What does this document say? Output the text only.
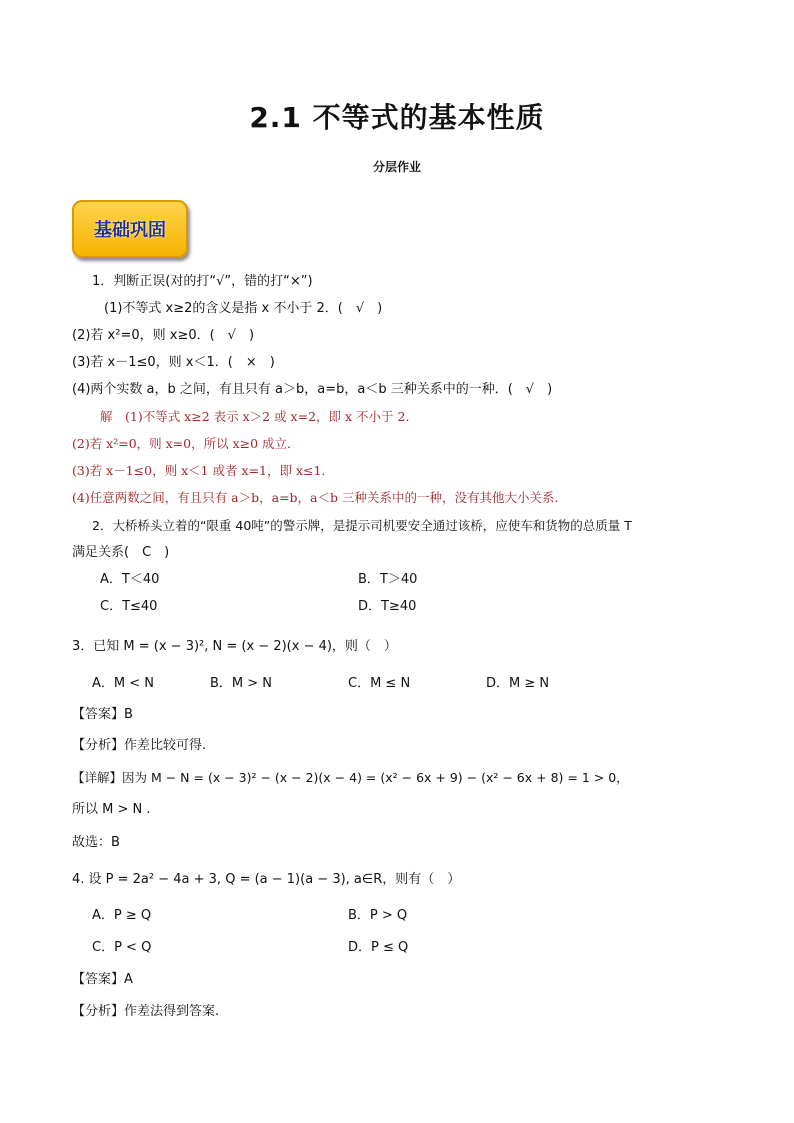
2.1 不等式的基本性质
分层作业
基础巩固
1．判断正误(对的打“√”，错的打“×”)
(1)不等式 x≥2的含义是指 x 不小于 2．(　√　)
(2)若 x²=0，则 x≥0．(　√　)
(3)若 x－1≤0，则 x＜1．(　×　)
(4)两个实数 a，b 之间，有且只有 a＞b，a=b，a＜b 三种关系中的一种．(　√　)
解　(1)不等式 x≥2 表示 x＞2 或 x=2，即 x 不小于 2．
(2)若 x²=0，则 x=0，所以 x≥0 成立．
(3)若 x－1≤0，则 x＜1 或者 x=1，即 x≤1．
(4)任意两数之间，有且只有 a＞b，a=b，a＜b 三种关系中的一种，没有其他大小关系．
2．大桥桥头立着的“限重 40吨”的警示牌，是提示司机要安全通过该桥，应使车和货物的总质量 T
满足关系(　C　)
A．T＜40	B．T＞40
C．T≤40	D．T≥40
3．已知 M = (x − 3)², N = (x − 2)(x − 4)，则（　）
A．M < N	B．M > N	C．M ≤ N	D．M ≥ N
【答案】B
【分析】作差比较可得.
【详解】因为 M − N = (x − 3)² − (x − 2)(x − 4) = (x² − 6x + 9) − (x² − 6x + 8) = 1 > 0，
所以 M > N .
故选：B
4. 设 P = 2a² − 4a + 3, Q = (a − 1)(a − 3), a∈R，则有（　）
A．P ≥ Q	B．P > Q
C．P < Q	D．P ≤ Q
【答案】A
【分析】作差法得到答案.
